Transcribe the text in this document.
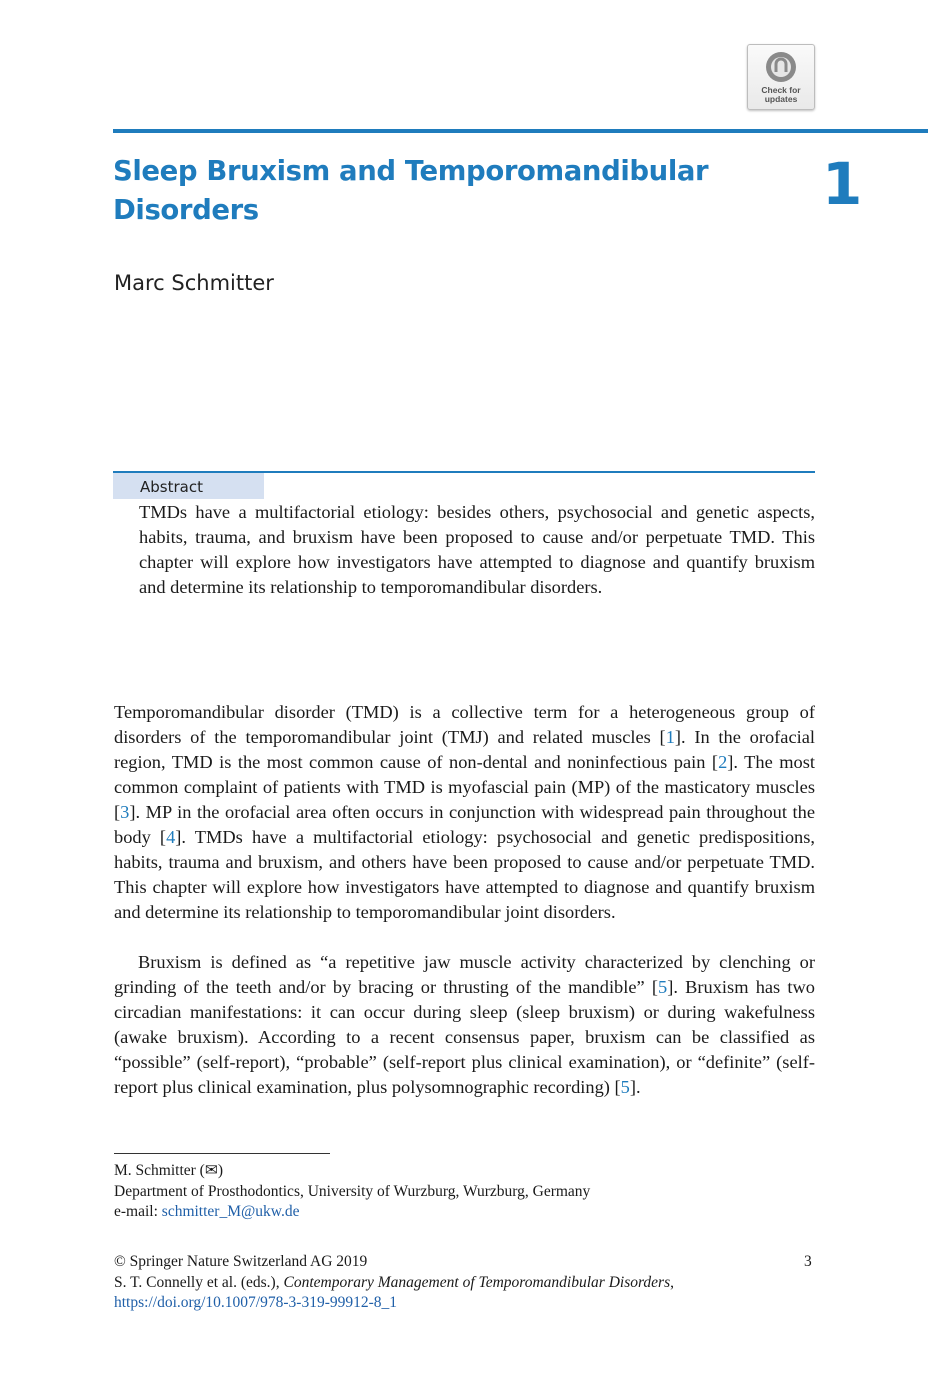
Check for
updates
Sleep Bruxism and Temporomandibular Disorders	1
Marc Schmitter
Abstract
TMDs have a multifactorial etiology: besides others, psychosocial and genetic aspects, habits, trauma, and bruxism have been proposed to cause and/or perpetuate TMD. This chapter will explore how investigators have attempted to diagnose and quantify bruxism and determine its relationship to temporomandibular disorders.
Temporomandibular disorder (TMD) is a collective term for a heterogeneous group of disorders of the temporomandibular joint (TMJ) and related muscles [1]. In the orofacial region, TMD is the most common cause of non-dental and noninfectious pain [2]. The most common complaint of patients with TMD is myofascial pain (MP) of the masticatory muscles [3]. MP in the orofacial area often occurs in conjunction with widespread pain throughout the body [4]. TMDs have a multifactorial etiology: psychosocial and genetic predispositions, habits, trauma and bruxism, and others have been proposed to cause and/or perpetuate TMD. This chapter will explore how investigators have attempted to diagnose and quantify bruxism and determine its relationship to temporomandibular joint disorders.
Bruxism is defined as “a repetitive jaw muscle activity characterized by clenching or grinding of the teeth and/or by bracing or thrusting of the mandible” [5]. Bruxism has two circadian manifestations: it can occur during sleep (sleep bruxism) or during wakefulness (awake bruxism). According to a recent consensus paper, bruxism can be classified as “possible” (self-report), “probable” (self-report plus clinical examination), or “definite” (self-report plus clinical examination, plus polysomnographic recording) [5].
M. Schmitter (✉)
Department of Prosthodontics, University of Wurzburg, Wurzburg, Germany
e-mail: schmitter_M@ukw.de
© Springer Nature Switzerland AG 2019
S. T. Connelly et al. (eds.), Contemporary Management of Temporomandibular Disorders, https://doi.org/10.1007/978-3-319-99912-8_1
3
